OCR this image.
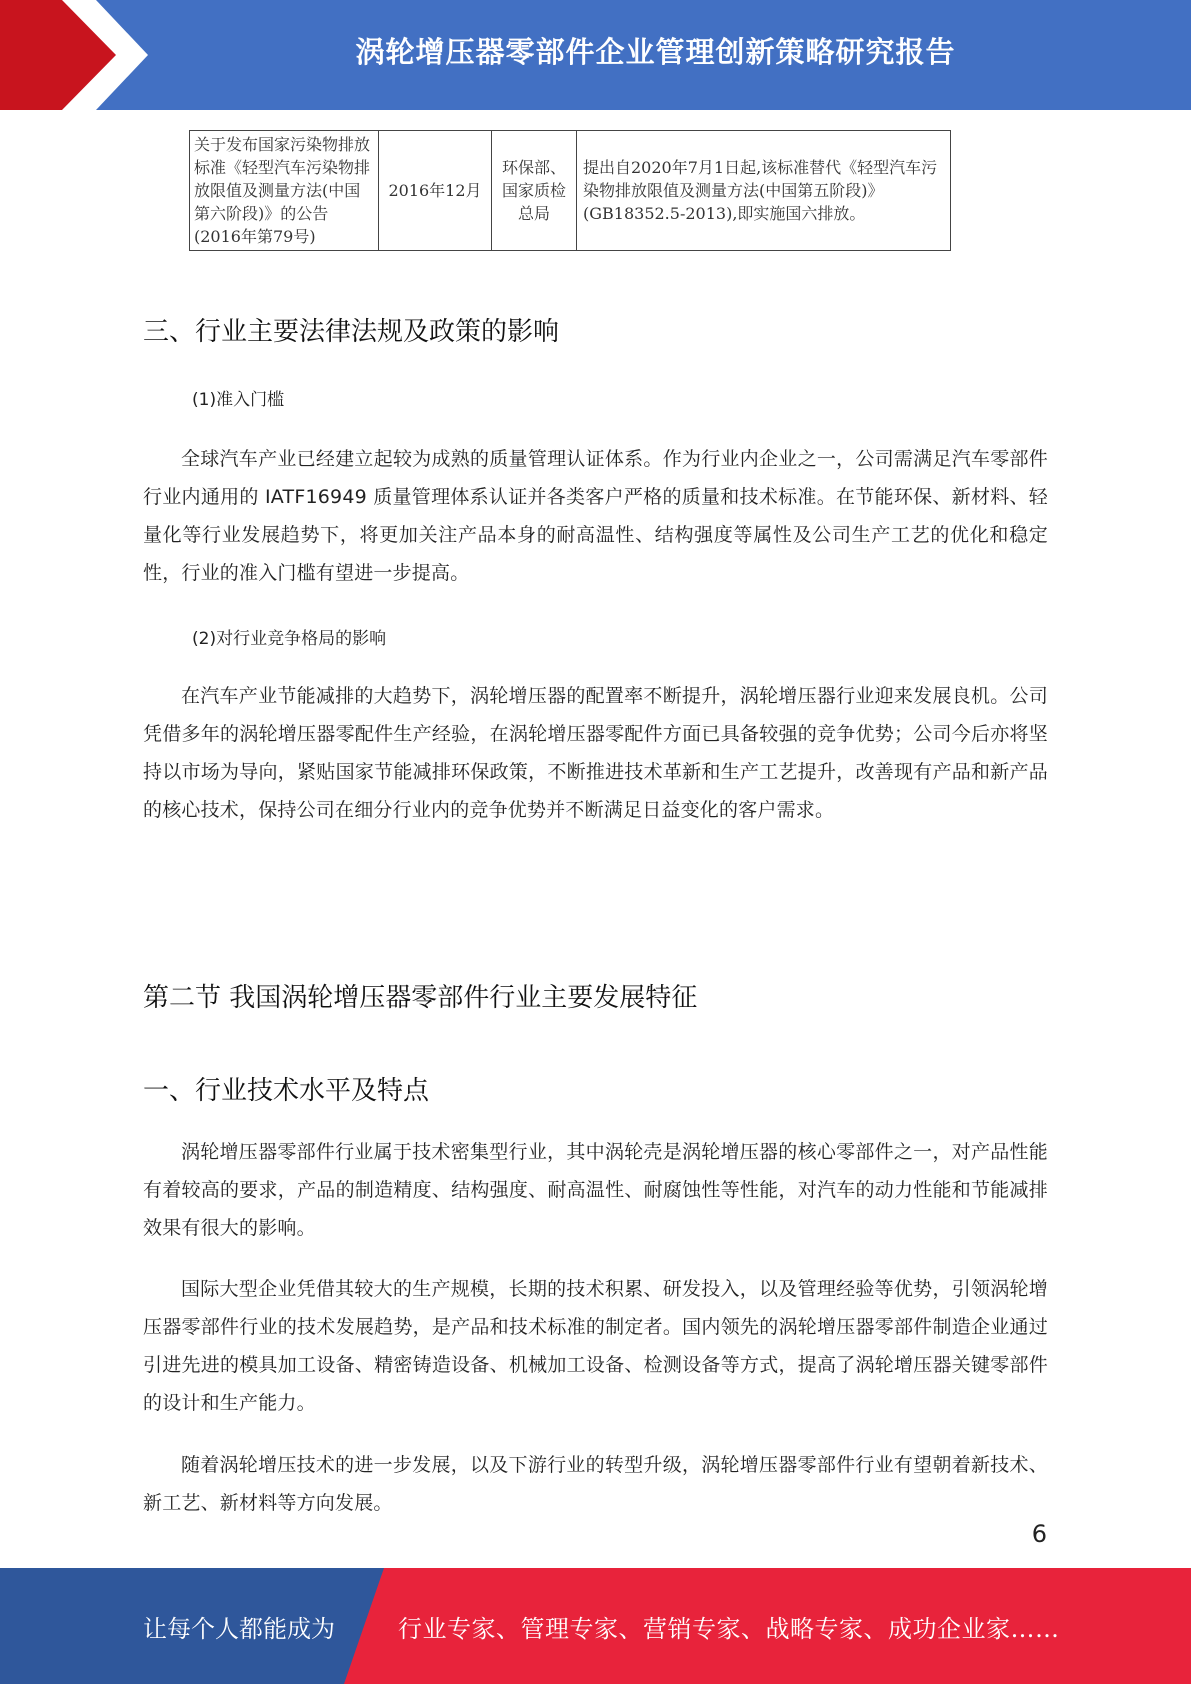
涡轮增压器零部件企业管理创新策略研究报告
关于发布国家污染物排放标准《轻型汽车污染物排放限值及测量方法(中国第六阶段)》的公告(2016年第79号)	2016年12月	环保部、国家质检总局	提出自2020年7月1日起,该标准替代《轻型汽车污染物排放限值及测量方法(中国第五阶段)》(GB18352.5-2013),即实施国六排放。
三、行业主要法律法规及政策的影响

(1)准入门槛

全球汽车产业已经建立起较为成熟的质量管理认证体系。作为行业内企业之一，公司需满足汽车零部件行业内通用的 IATF16949 质量管理体系认证并各类客户严格的质量和技术标准。在节能环保、新材料、轻量化等行业发展趋势下，将更加关注产品本身的耐高温性、结构强度等属性及公司生产工艺的优化和稳定性，行业的准入门槛有望进一步提高。

(2)对行业竞争格局的影响

在汽车产业节能减排的大趋势下，涡轮增压器的配置率不断提升，涡轮增压器行业迎来发展良机。公司凭借多年的涡轮增压器零配件生产经验，在涡轮增压器零配件方面已具备较强的竞争优势；公司今后亦将坚持以市场为导向，紧贴国家节能减排环保政策，不断推进技术革新和生产工艺提升，改善现有产品和新产品的核心技术，保持公司在细分行业内的竞争优势并不断满足日益变化的客户需求。

第二节 我国涡轮增压器零部件行业主要发展特征
一、行业技术水平及特点

涡轮增压器零部件行业属于技术密集型行业，其中涡轮壳是涡轮增压器的核心零部件之一，对产品性能有着较高的要求，产品的制造精度、结构强度、耐高温性、耐腐蚀性等性能，对汽车的动力性能和节能减排效果有很大的影响。

国际大型企业凭借其较大的生产规模，长期的技术积累、研发投入，以及管理经验等优势，引领涡轮增压器零部件行业的技术发展趋势，是产品和技术标准的制定者。国内领先的涡轮增压器零部件制造企业通过引进先进的模具加工设备、精密铸造设备、机械加工设备、检测设备等方式，提高了涡轮增压器关键零部件的设计和生产能力。

随着涡轮增压技术的进一步发展，以及下游行业的转型升级，涡轮增压器零部件行业有望朝着新技术、新工艺、新材料等方向发展。

6
让每个人都能成为	行业专家、管理专家、营销专家、战略专家、成功企业家……
